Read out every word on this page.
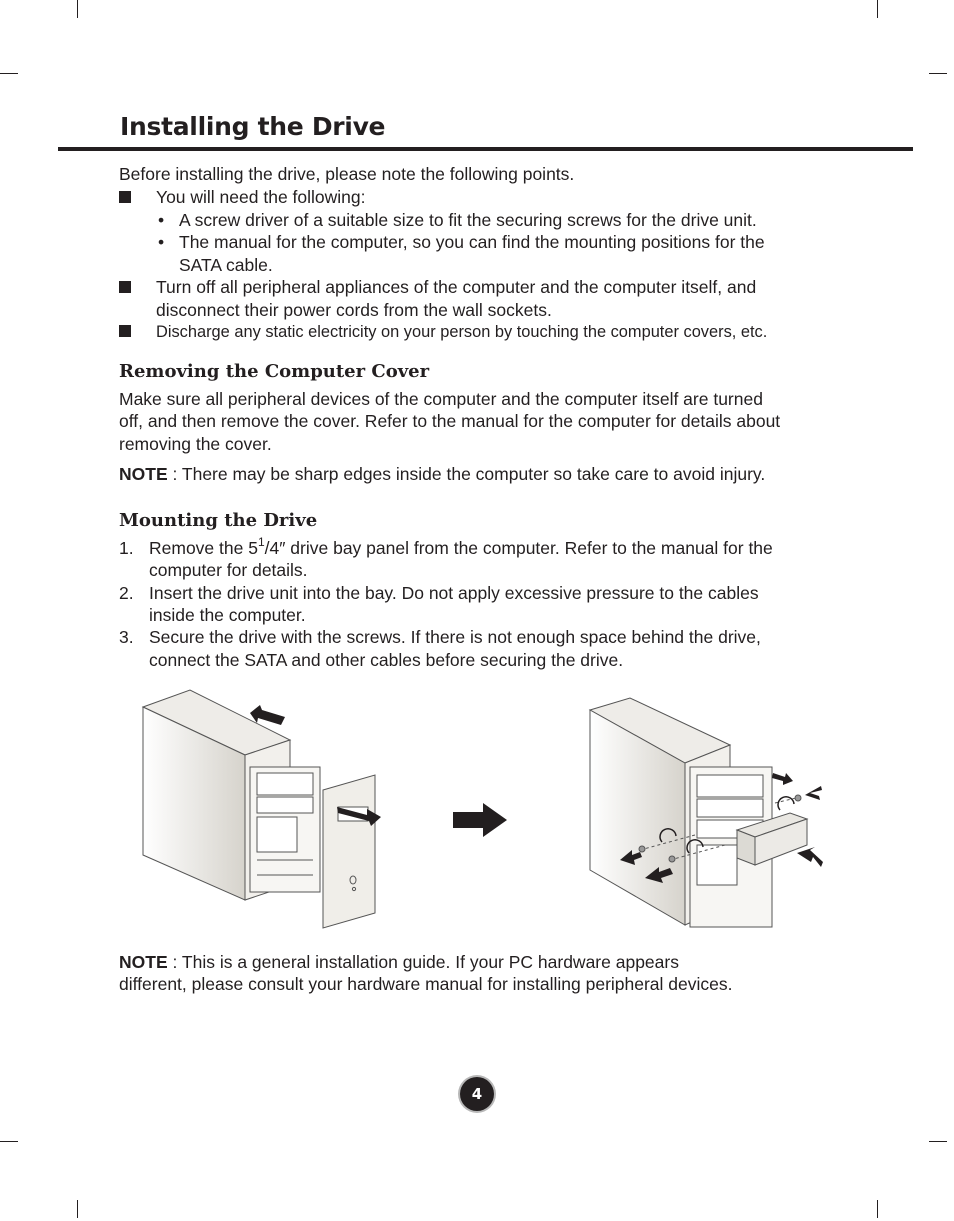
Installing the Drive

Before installing the drive, please note the following points.

You will need the following:

• A screw driver of a suitable size to fit the securing screws for the drive unit.

• The manual for the computer, so you can find the mounting positions for the

SATA cable.

Turn off all peripheral appliances of the computer and the computer itself, and

disconnect their power cords from the wall sockets.

Discharge any static electricity on your person by touching the computer covers, etc.

Removing the Computer Cover

Make sure all peripheral devices of the computer and the computer itself are turned

off, and then remove the cover. Refer to the manual for the computer for details about

removing the cover.

NOTE : There may be sharp edges inside the computer so take care to avoid injury.

Mounting the Drive
1. Remove the $5^1/4''$ drive bay panel from the computer. Refer to the manual for the

computer for details.

2. Insert the drive unit into the bay. Do not apply excessive pressure to the cables

inside the computer.

3. Secure the drive with the screws. If there is not enough space behind the drive,

connect the SATA and other cables before securing the drive.

NOTE : This is a general installation guide. If your PC hardware appears

different, please consult your hardware manual for installing peripheral devices.

4
